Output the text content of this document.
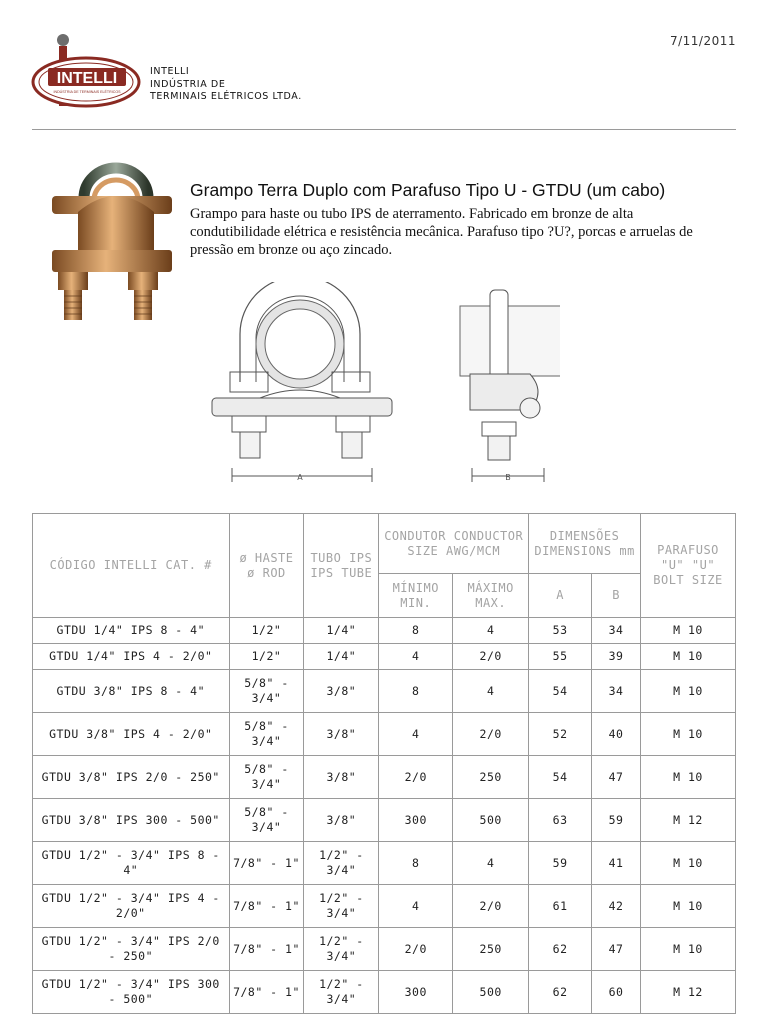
7/11/2011
INTELLI
INDÚSTRIA DE TERMINAIS ELÉTRICOS
INTELLI
INDÚSTRIA DE
TERMINAIS ELÉTRICOS LTDA.
Grampo Terra Duplo com Parafuso Tipo U - GTDU (um cabo)

Grampo para haste ou tubo IPS de aterramento. Fabricado em bronze de alta condutibilidade elétrica e resistência mecânica. Parafuso tipo ?U?, porcas e arruelas de pressão em bronze ou aço zincado.

A	B
CÓDIGO INTELLI CAT. #	ø HASTE ø ROD	TUBO IPS IPS TUBE	CONDUTOR CONDUCTOR SIZE AWG/MCM		DIMENSÕES DIMENSIONS mm		PARAFUSO "U" "U" BOLT SIZE
			MÍNIMO MIN.	MÁXIMO MAX.	A	B	
GTDU 1/4" IPS 8 - 4"	1/2"	1/4"	8	4	53	34	M 10
GTDU 1/4" IPS 4 - 2/0"	1/2"	1/4"	4	2/0	55	39	M 10
GTDU 3/8" IPS 8 - 4"	5/8" - 3/4"	3/8"	8	4	54	34	M 10
GTDU 3/8" IPS 4 - 2/0"	5/8" - 3/4"	3/8"	4	2/0	52	40	M 10
GTDU 3/8" IPS 2/0 - 250"	5/8" - 3/4"	3/8"	2/0	250	54	47	M 10
GTDU 3/8" IPS 300 - 500"	5/8" - 3/4"	3/8"	300	500	63	59	M 12
GTDU 1/2" - 3/4" IPS 8 - 4"	7/8" - 1"	1/2" - 3/4"	8	4	59	41	M 10
GTDU 1/2" - 3/4" IPS 4 - 2/0"	7/8" - 1"	1/2" - 3/4"	4	2/0	61	42	M 10
GTDU 1/2" - 3/4" IPS 2/0 - 250"	7/8" - 1"	1/2" - 3/4"	2/0	250	62	47	M 10
GTDU 1/2" - 3/4" IPS 300 - 500"	7/8" - 1"	1/2" - 3/4"	300	500	62	60	M 12
